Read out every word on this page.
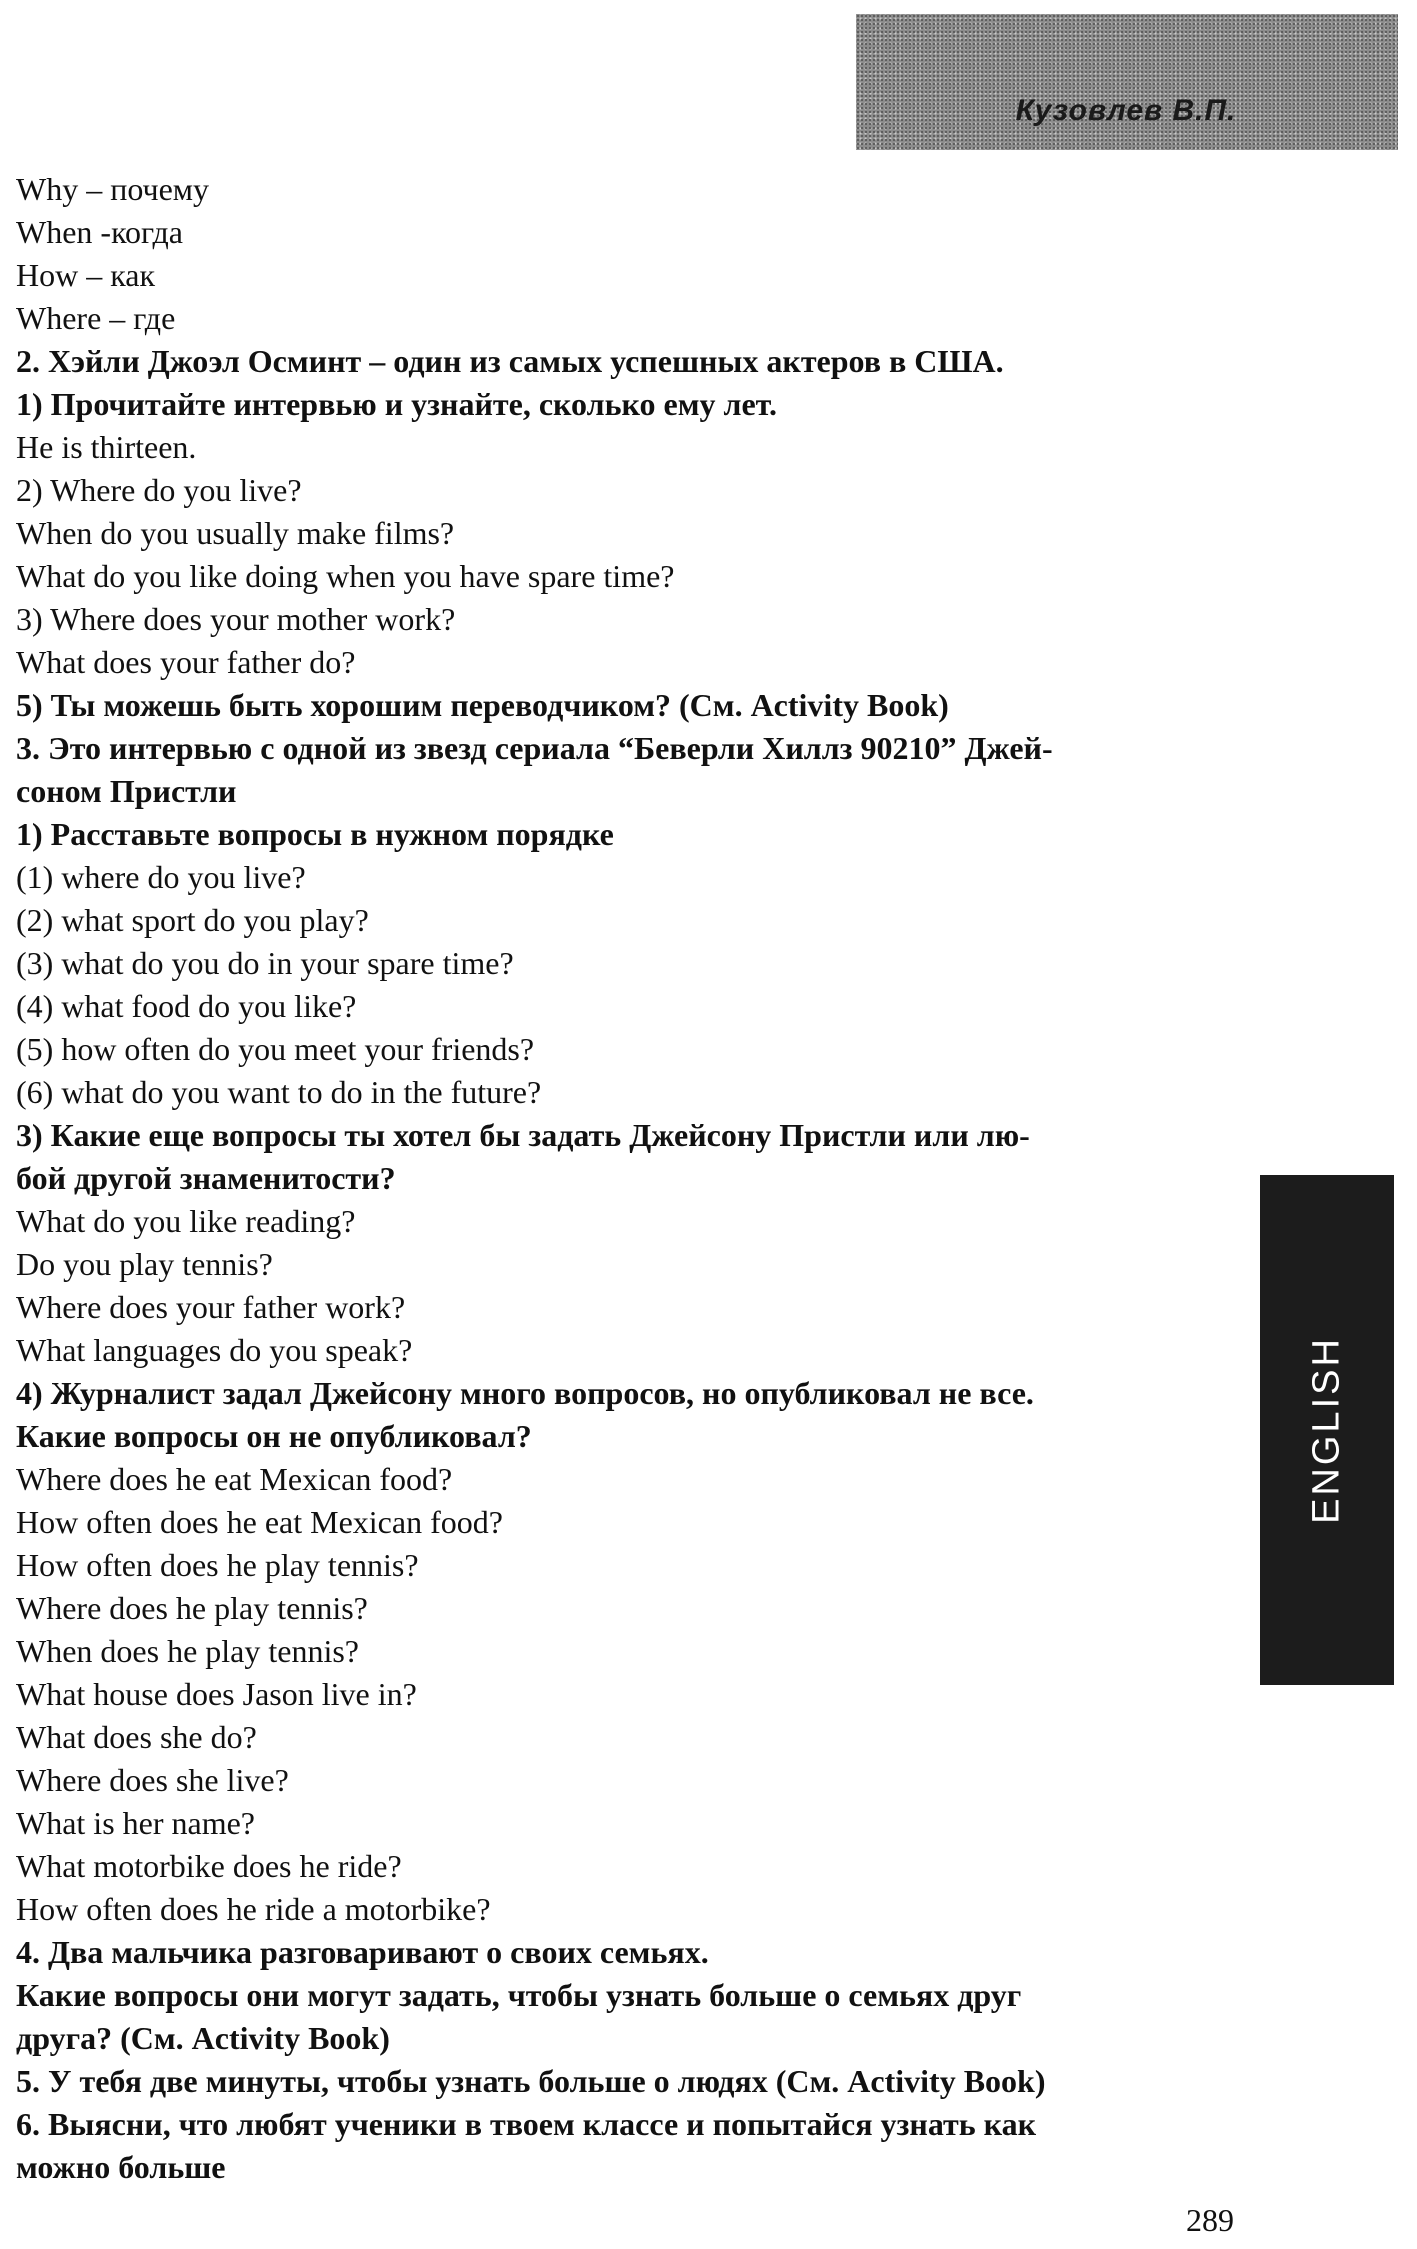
Кузовлев В.П.
Why – почему
When -когда
How – как
Where – где
2. Хэйли Джоэл Осминт – один из самых успешных актеров в США.
1) Прочитайте интервью и узнайте, сколько ему лет.
He is thirteen.
2) Where do you live?
When do you usually make films?
What do you like doing when you have spare time?
3) Where does your mother work?
What does your father do?
5) Ты можешь быть хорошим переводчиком? (См. Activity Book)
3. Это интервью с одной из звезд сериала “Беверли Хиллз 90210” Джей-
соном Пристли
1) Расставьте вопросы в нужном порядке
(1) where do you live?
(2) what sport do you play?
(3) what do you do in your spare time?
(4) what food do you like?
(5) how often do you meet your friends?
(6) what do you want to do in the future?
3) Какие еще вопросы ты хотел бы задать Джейсону Пристли или лю-
бой другой знаменитости?
What do you like reading?
Do you play tennis?
Where does your father work?
What languages do you speak?
4) Журналист задал Джейсону много вопросов, но опубликовал не все.
Какие вопросы он не опубликовал?
Where does he eat Mexican food?
How often does he eat Mexican food?
How often does he play tennis?
Where does he play tennis?
When does he play tennis?
What house does Jason live in?
What does she do?
Where does she live?
What is her name?
What motorbike does he ride?
How often does he ride a motorbike?
4. Два мальчика разговаривают о своих семьях.
Какие вопросы они могут задать, чтобы узнать больше о семьях друг
друга? (См. Activity Book)
5. У тебя две минуты, чтобы узнать больше о людях (См. Activity Book)
6. Выясни, что любят ученики в твоем классе и попытайся узнать как
можно больше
ENGLISH
289
